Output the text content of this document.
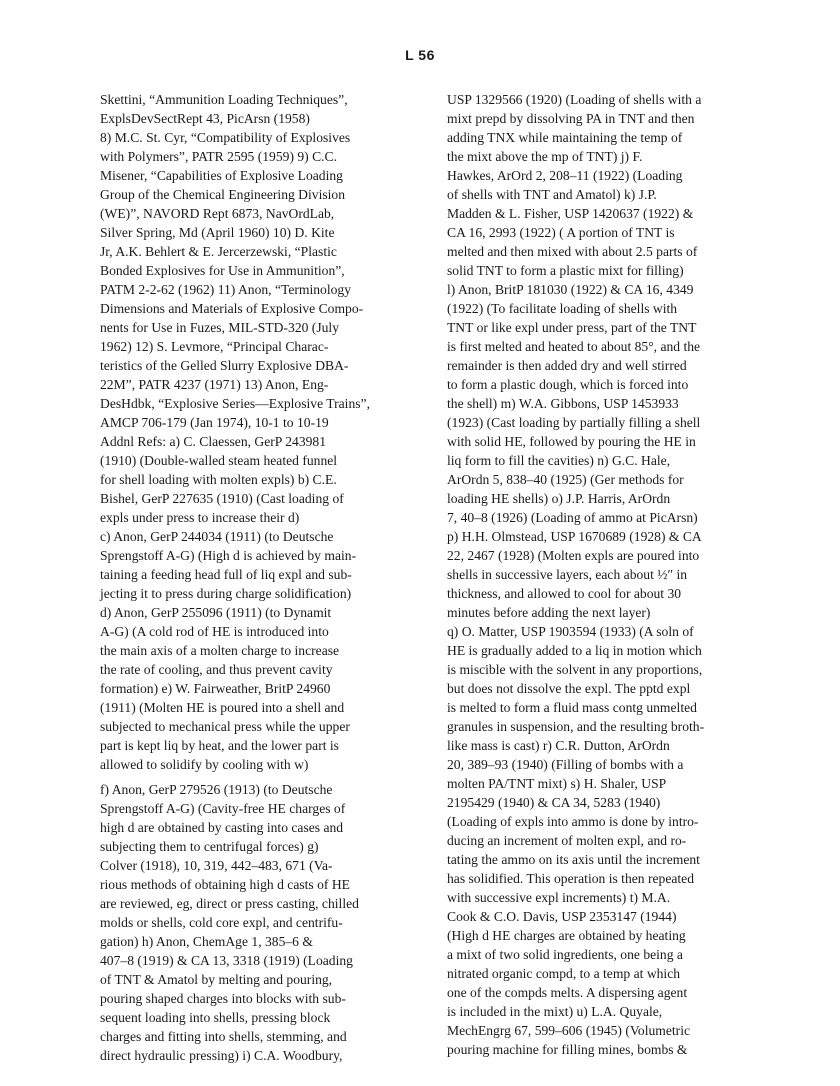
L 56
Skettini, “Ammunition Loading Techniques”,
ExplsDevSectRept 43, PicArsn (1958)
8) M.C. St. Cyr, “Compatibility of Explosives
with Polymers”, PATR 2595 (1959) 9) C.C.
Misener, “Capabilities of Explosive Loading
Group of the Chemical Engineering Division
(WE)”, NAVORD Rept 6873, NavOrdLab,
Silver Spring, Md (April 1960) 10) D. Kite
Jr, A.K. Behlert & E. Jercerzewski, “Plastic
Bonded Explosives for Use in Ammunition”,
PATM 2-2-62 (1962) 11) Anon, “Terminology
Dimensions and Materials of Explosive Compo-
nents for Use in Fuzes, MIL-STD-320 (July
1962) 12) S. Levmore, “Principal Charac-
teristics of the Gelled Slurry Explosive DBA-
22M”, PATR 4237 (1971) 13) Anon, Eng-
DesHdbk, “Explosive Series—Explosive Trains”,
AMCP 706-179 (Jan 1974), 10-1 to 10-19
Addnl Refs: a) C. Claessen, GerP 243981
(1910) (Double-walled steam heated funnel
for shell loading with molten expls) b) C.E.
Bishel, GerP 227635 (1910) (Cast loading of
expls under press to increase their d)
c) Anon, GerP 244034 (1911) (to Deutsche
Sprengstoff A-G) (High d is achieved by main-
taining a feeding head full of liq expl and sub-
jecting it to press during charge solidification)
d) Anon, GerP 255096 (1911) (to Dynamit
A-G) (A cold rod of HE is introduced into
the main axis of a molten charge to increase
the rate of cooling, and thus prevent cavity
formation) e) W. Fairweather, BritP 24960
(1911) (Molten HE is poured into a shell and
subjected to mechanical press while the upper
part is kept liq by heat, and the lower part is
allowed to solidify by cooling with w)
f) Anon, GerP 279526 (1913) (to Deutsche
Sprengstoff A-G) (Cavity-free HE charges of
high d are obtained by casting into cases and
subjecting them to centrifugal forces) g)
Colver (1918), 10, 319, 442–483, 671 (Va-
rious methods of obtaining high d casts of HE
are reviewed, eg, direct or press casting, chilled
molds or shells, cold core expl, and centrifu-
gation) h) Anon, ChemAge 1, 385–6 &
407–8 (1919) & CA 13, 3318 (1919) (Loading
of TNT & Amatol by melting and pouring,
pouring shaped charges into blocks with sub-
sequent loading into shells, pressing block
charges and fitting into shells, stemming, and
direct hydraulic pressing) i) C.A. Woodbury,
USP 1329566 (1920) (Loading of shells with a
mixt prepd by dissolving PA in TNT and then
adding TNX while maintaining the temp of
the mixt above the mp of TNT) j) F.
Hawkes, ArOrd 2, 208–11 (1922) (Loading
of shells with TNT and Amatol) k) J.P.
Madden & L. Fisher, USP 1420637 (1922) &
CA 16, 2993 (1922) ( A portion of TNT is
melted and then mixed with about 2.5 parts of
solid TNT to form a plastic mixt for filling)
l) Anon, BritP 181030 (1922) & CA 16, 4349
(1922) (To facilitate loading of shells with
TNT or like expl under press, part of the TNT
is first melted and heated to about 85°, and the
remainder is then added dry and well stirred
to form a plastic dough, which is forced into
the shell) m) W.A. Gibbons, USP 1453933
(1923) (Cast loading by partially filling a shell
with solid HE, followed by pouring the HE in
liq form to fill the cavities) n) G.C. Hale,
ArOrdn 5, 838–40 (1925) (Ger methods for
loading HE shells) o) J.P. Harris, ArOrdn
7, 40–8 (1926) (Loading of ammo at PicArsn)
p) H.H. Olmstead, USP 1670689 (1928) & CA
22, 2467 (1928) (Molten expls are poured into
shells in successive layers, each about ½″ in
thickness, and allowed to cool for about 30
minutes before adding the next layer)
q) O. Matter, USP 1903594 (1933) (A soln of
HE is gradually added to a liq in motion which
is miscible with the solvent in any proportions,
but does not dissolve the expl. The pptd expl
is melted to form a fluid mass contg unmelted
granules in suspension, and the resulting broth-
like mass is cast) r) C.R. Dutton, ArOrdn
20, 389–93 (1940) (Filling of bombs with a
molten PA/TNT mixt) s) H. Shaler, USP
2195429 (1940) & CA 34, 5283 (1940)
(Loading of expls into ammo is done by intro-
ducing an increment of molten expl, and ro-
tating the ammo on its axis until the increment
has solidified. This operation is then repeated
with successive expl increments) t) M.A.
Cook & C.O. Davis, USP 2353147 (1944)
(High d HE charges are obtained by heating
a mixt of two solid ingredients, one being a
nitrated organic compd, to a temp at which
one of the compds melts. A dispersing agent
is included in the mixt) u) L.A. Quyale,
MechEngrg 67, 599–606 (1945) (Volumetric
pouring machine for filling mines, bombs &
